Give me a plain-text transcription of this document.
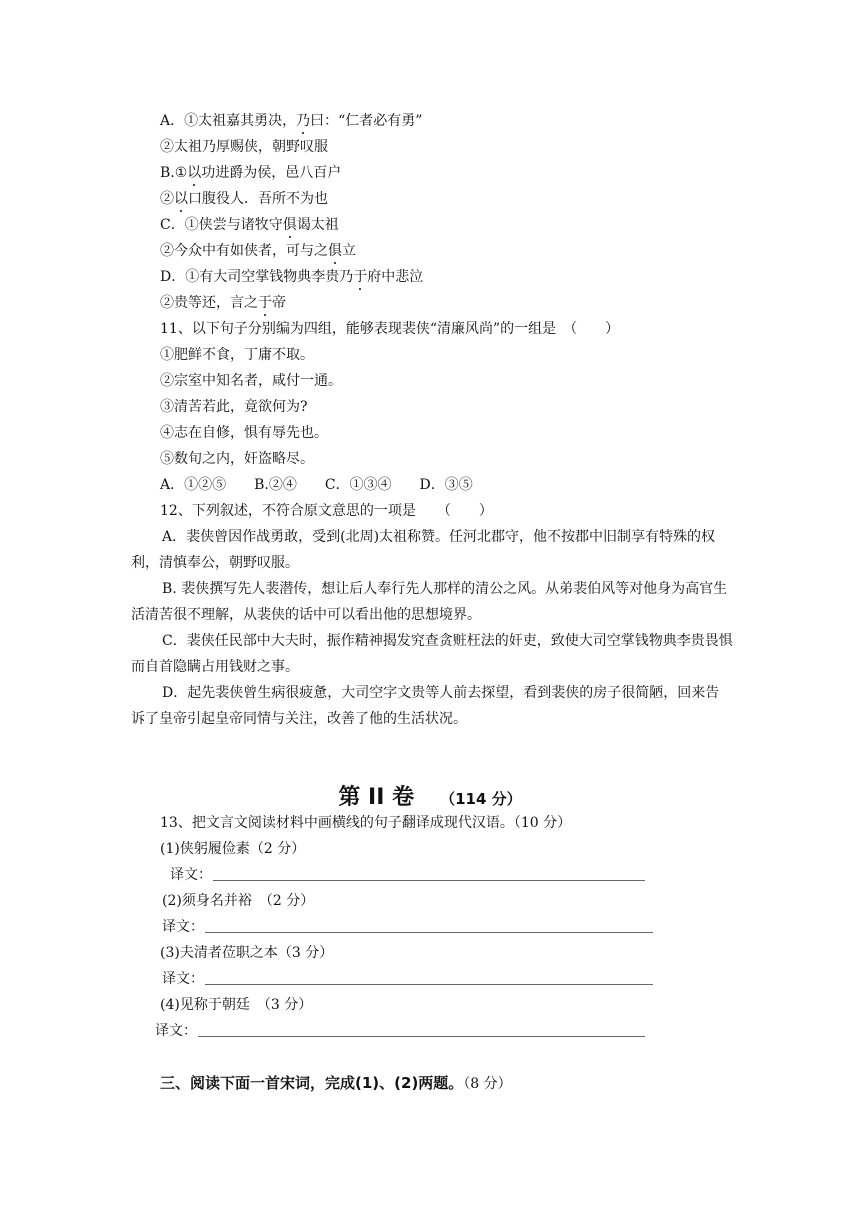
A．①太祖嘉其勇决，乃曰：“仁者必有勇”
②太祖乃厚赐侠，朝野叹服
B.①以功进爵为侯，邑八百户
②以口腹役人．吾所不为也
C．①侠尝与诸牧守俱谒太祖
②今众中有如侠者，可与之俱立
D．①有大司空掌钱物典李贵乃于府中悲泣
②贵等还，言之于帝
11、以下句子分别编为四组，能够表现裴侠“清廉风尚”的一组是　（　　）
①肥鲜不食，丁庸不取。
②宗室中知名者，咸付一通。
③清苦若此，竟欲何为?
④志在自修，惧有辱先也。
⑤数旬之内，奸盗略尽。
A．①②⑤　　B.②④　　C．①③④　　D．③⑤
12、下列叙述，不符合原文意思的一项是　　（　　）
A．裴侠曾因作战勇敢，受到(北周)太祖称赞。任河北郡守，他不按郡中旧制享有特殊的权利，清慎奉公，朝野叹服。
B. 裴侠撰写先人裴潜传，想让后人奉行先人那样的清公之风。从弟裴伯风等对他身为高官生活清苦很不理解，从裴侠的话中可以看出他的思想境界。
C．裴侠任民部中大夫时，振作精神揭发究查贪赃枉法的奸吏，致使大司空掌钱物典李贵畏惧而自首隐瞒占用钱财之事。
D．起先裴侠曾生病很疲惫，大司空字文贵等人前去探望，看到裴侠的房子很简陋，回来告诉了皇帝引起皇帝同情与关注，改善了他的生活状况。
第 II 卷 （114 分）
13、把文言文阅读材料中画横线的句子翻译成现代汉语。（10 分）
(1)侠躬履俭素（2 分）
译文：
(2)须身名并裕　（2 分）
译文：
(3)夫清者莅职之本（3 分）
译文：
(4)见称于朝廷　（3 分）
译文：
三、阅读下面一首宋词，完成(1)、(2)两题。（8 分）
